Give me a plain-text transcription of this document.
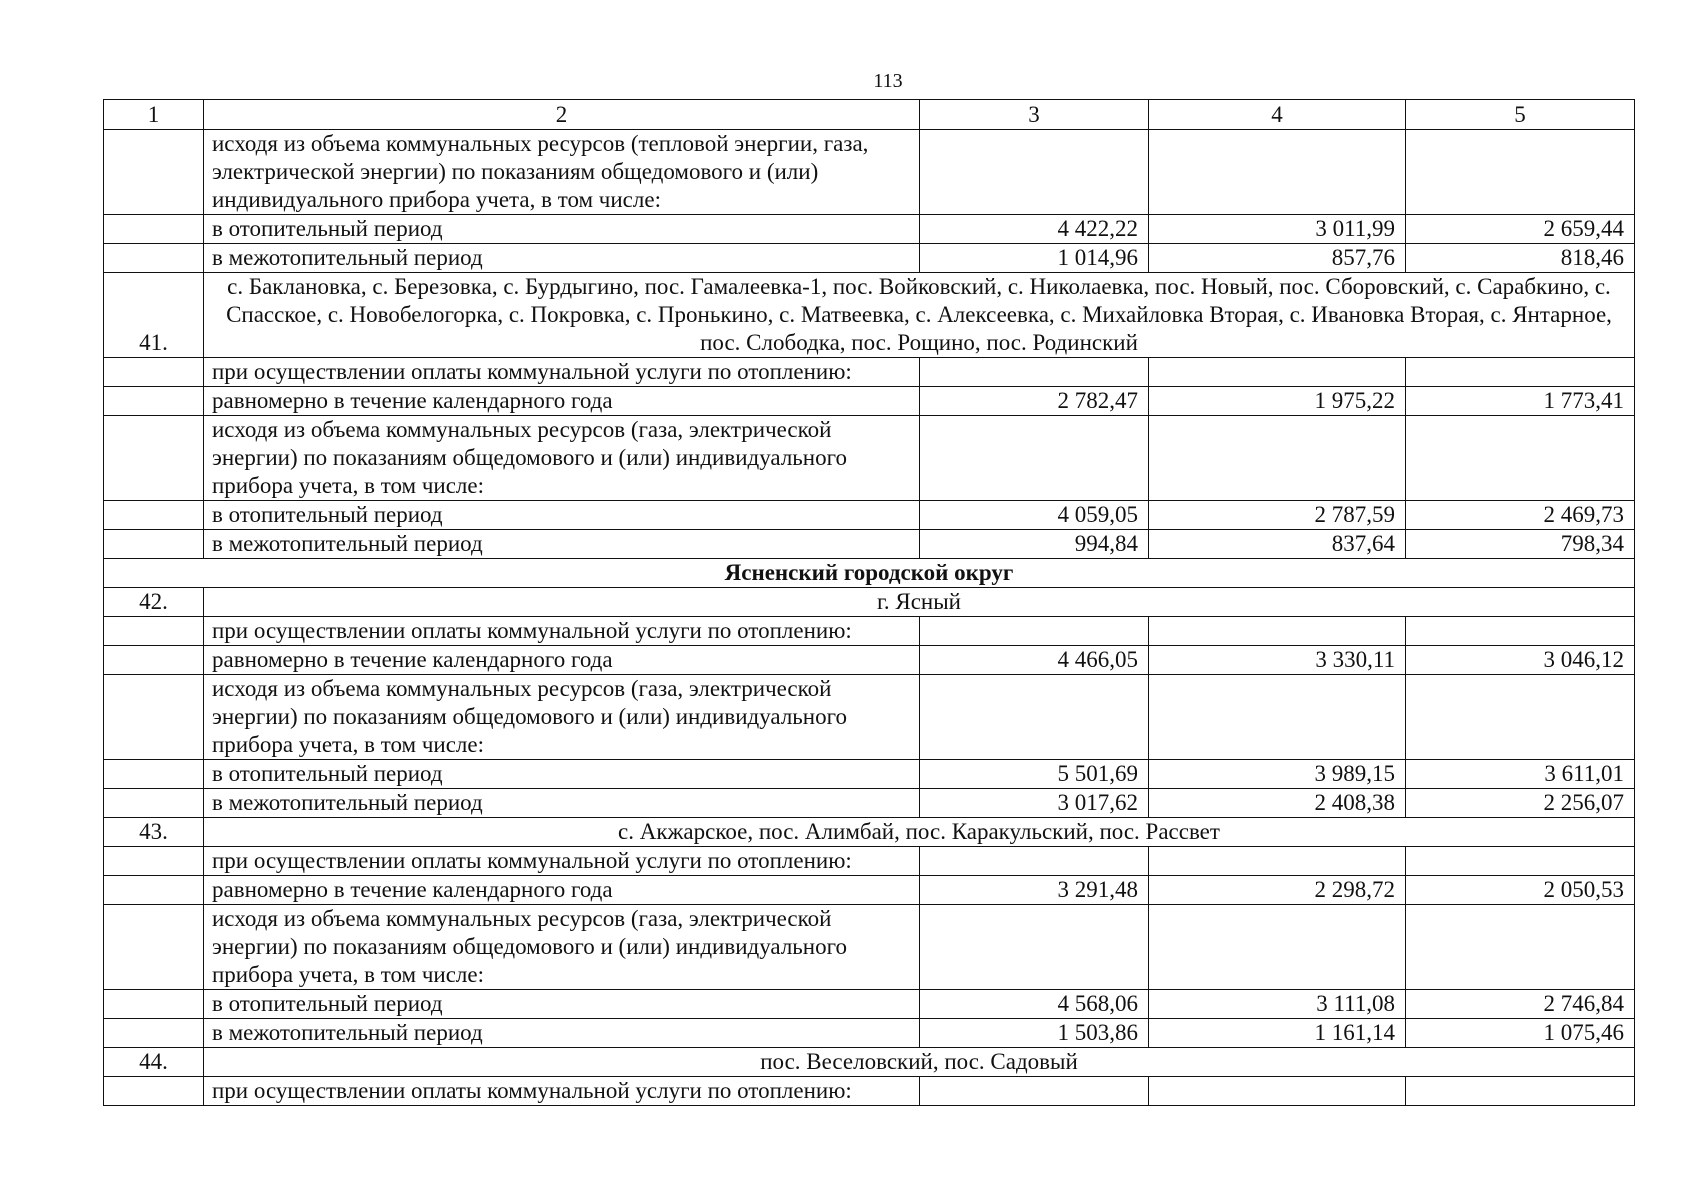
113
1	2	3	4	5
	исходя из объема коммунальных ресурсов (тепловой энергии, газа, электрической энергии) по показаниям общедомового и (или) индивидуального прибора учета, в том числе:			
	в отопительный период	4 422,22	3 011,99	2 659,44
	в межотопительный период	1 014,96	857,76	818,46
41.	с. Баклановка, с. Березовка, с. Бурдыгино, пос. Гамалеевка-1, пос. Войковский, с. Николаевка, пос. Новый, пос. Сборовский, с. Сарабкино, с. Спасское, с. Новобелогорка, с. Покровка, с. Пронькино, с. Матвеевка, с. Алексеевка, с. Михайловка Вторая, с. Ивановка Вторая, с. Янтарное, пос. Слободка, пос. Рощино, пос. Родинский			
	при осуществлении оплаты коммунальной услуги по отоплению:			
	равномерно в течение календарного года	2 782,47	1 975,22	1 773,41
	исходя из объема коммунальных ресурсов (газа, электрической энергии) по показаниям общедомового и (или) индивидуального прибора учета, в том числе:			
	в отопительный период	4 059,05	2 787,59	2 469,73
	в межотопительный период	994,84	837,64	798,34
Ясненский городской округ				
42.	г. Ясный			
	при осуществлении оплаты коммунальной услуги по отоплению:			
	равномерно в течение календарного года	4 466,05	3 330,11	3 046,12
	исходя из объема коммунальных ресурсов (газа, электрической энергии) по показаниям общедомового и (или) индивидуального прибора учета, в том числе:			
	в отопительный период	5 501,69	3 989,15	3 611,01
	в межотопительный период	3 017,62	2 408,38	2 256,07
43.	с. Акжарское, пос. Алимбай, пос. Каракульский, пос. Рассвет			
	при осуществлении оплаты коммунальной услуги по отоплению:			
	равномерно в течение календарного года	3 291,48	2 298,72	2 050,53
	исходя из объема коммунальных ресурсов (газа, электрической энергии) по показаниям общедомового и (или) индивидуального прибора учета, в том числе:			
	в отопительный период	4 568,06	3 111,08	2 746,84
	в межотопительный период	1 503,86	1 161,14	1 075,46
44.	пос. Веселовский, пос. Садовый			
	при осуществлении оплаты коммунальной услуги по отоплению:			
